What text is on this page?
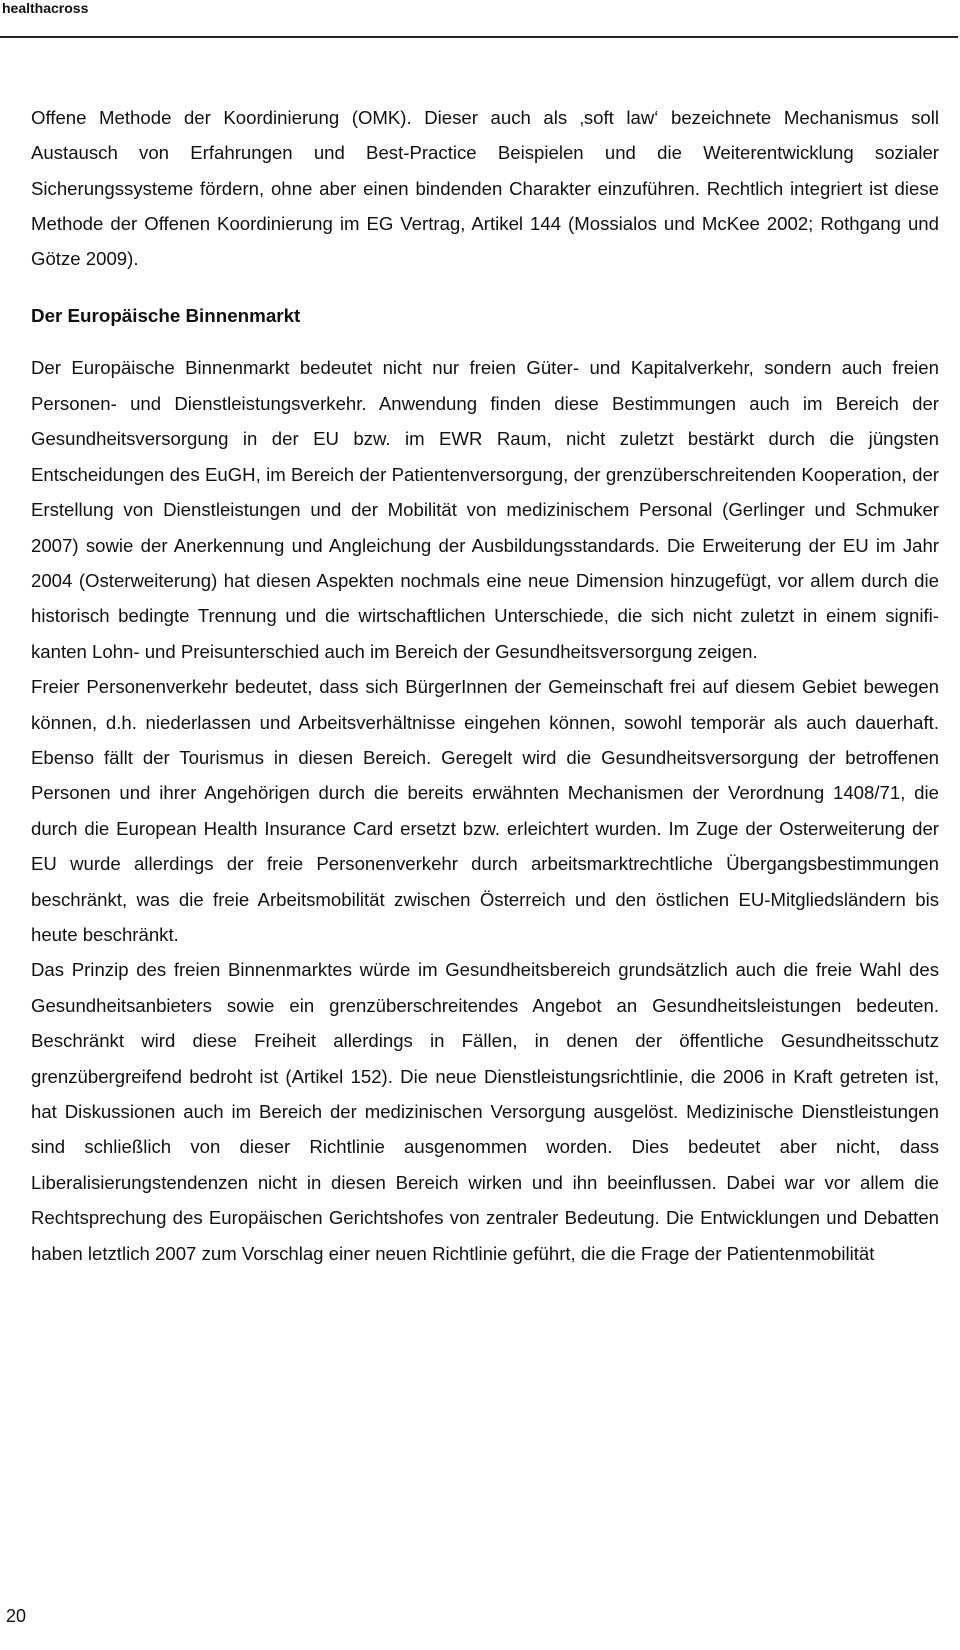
healthacross

Offene Methode der Koordinierung (OMK). Dieser auch als ‚soft law‘ bezeichnete Mechanismus soll Austausch von Erfahrungen und Best-Practice Beispielen und die Weiterentwicklung sozialer Sicherungssysteme fördern, ohne aber einen bindenden Charakter einzuführen. Rechtlich integriert ist diese Methode der Offenen Koordinierung im EG Vertrag, Artikel 144 (Mossialos und McKee 2002; Rothgang und Götze 2009).

Der Europäische Binnenmarkt

Der Europäische Binnenmarkt bedeutet nicht nur freien Güter- und Kapitalverkehr, sondern auch freien Personen- und Dienstleistungsverkehr. Anwendung finden diese Bestimmungen auch im Bereich der Gesundheitsversorgung in der EU bzw. im EWR Raum, nicht zuletzt bestärkt durch die jüngsten Entscheidungen des EuGH, im Bereich der Patientenversorgung, der grenzüberschreitenden Kooperation, der Erstellung von Dienstleistungen und der Mobilität von medizinischem Personal (Gerlinger und Schmuker 2007) sowie der Anerkennung und Angleichung der Ausbildungsstandards. Die Erweiterung der EU im Jahr 2004 (Osterweiterung) hat diesen Aspekten nochmals eine neue Dimension hinzugefügt, vor allem durch die historisch bedingte Trennung und die wirtschaftlichen Unterschiede, die sich nicht zuletzt in einem signifikanten Lohn- und Preisunterschied auch im Bereich der Gesundheitsversorgung zeigen.

Freier Personenverkehr bedeutet, dass sich BürgerInnen der Gemeinschaft frei auf diesem Gebiet bewegen können, d.h. niederlassen und Arbeitsverhältnisse eingehen können, sowohl temporär als auch dauerhaft. Ebenso fällt der Tourismus in diesen Bereich. Geregelt wird die Gesundheitsversorgung der betroffenen Personen und ihrer Angehörigen durch die bereits erwähnten Mechanismen der Verordnung 1408/71, die durch die European Health Insurance Card ersetzt bzw. erleichtert wurden. Im Zuge der Osterweiterung der EU wurde allerdings der freie Personenverkehr durch arbeitsmarktrechtliche Übergangsbestimmungen beschränkt, was die freie Arbeitsmobilität zwischen Österreich und den östlichen EU-Mitgliedsländern bis heute beschränkt.

Das Prinzip des freien Binnenmarktes würde im Gesundheitsbereich grundsätzlich auch die freie Wahl des Gesundheitsanbieters sowie ein grenzüberschreitendes Angebot an Gesundheitsleistungen bedeuten. Beschränkt wird diese Freiheit allerdings in Fällen, in denen der öffentliche Gesundheitsschutz grenzübergreifend bedroht ist (Artikel 152). Die neue Dienstleistungsrichtlinie, die 2006 in Kraft getreten ist, hat Diskussionen auch im Bereich der medizinischen Versorgung ausgelöst. Medizinische Dienstleistungen sind schließlich von dieser Richtlinie ausgenommen worden. Dies bedeutet aber nicht, dass Liberalisierungstendenzen nicht in diesen Bereich wirken und ihn beeinflussen. Dabei war vor allem die Rechtsprechung des Europäischen Gerichtshofes von zentraler Bedeutung. Die Entwicklungen und Debatten haben letztlich 2007 zum Vorschlag einer neuen Richtlinie geführt, die die Frage der Patientenmobilität

20
